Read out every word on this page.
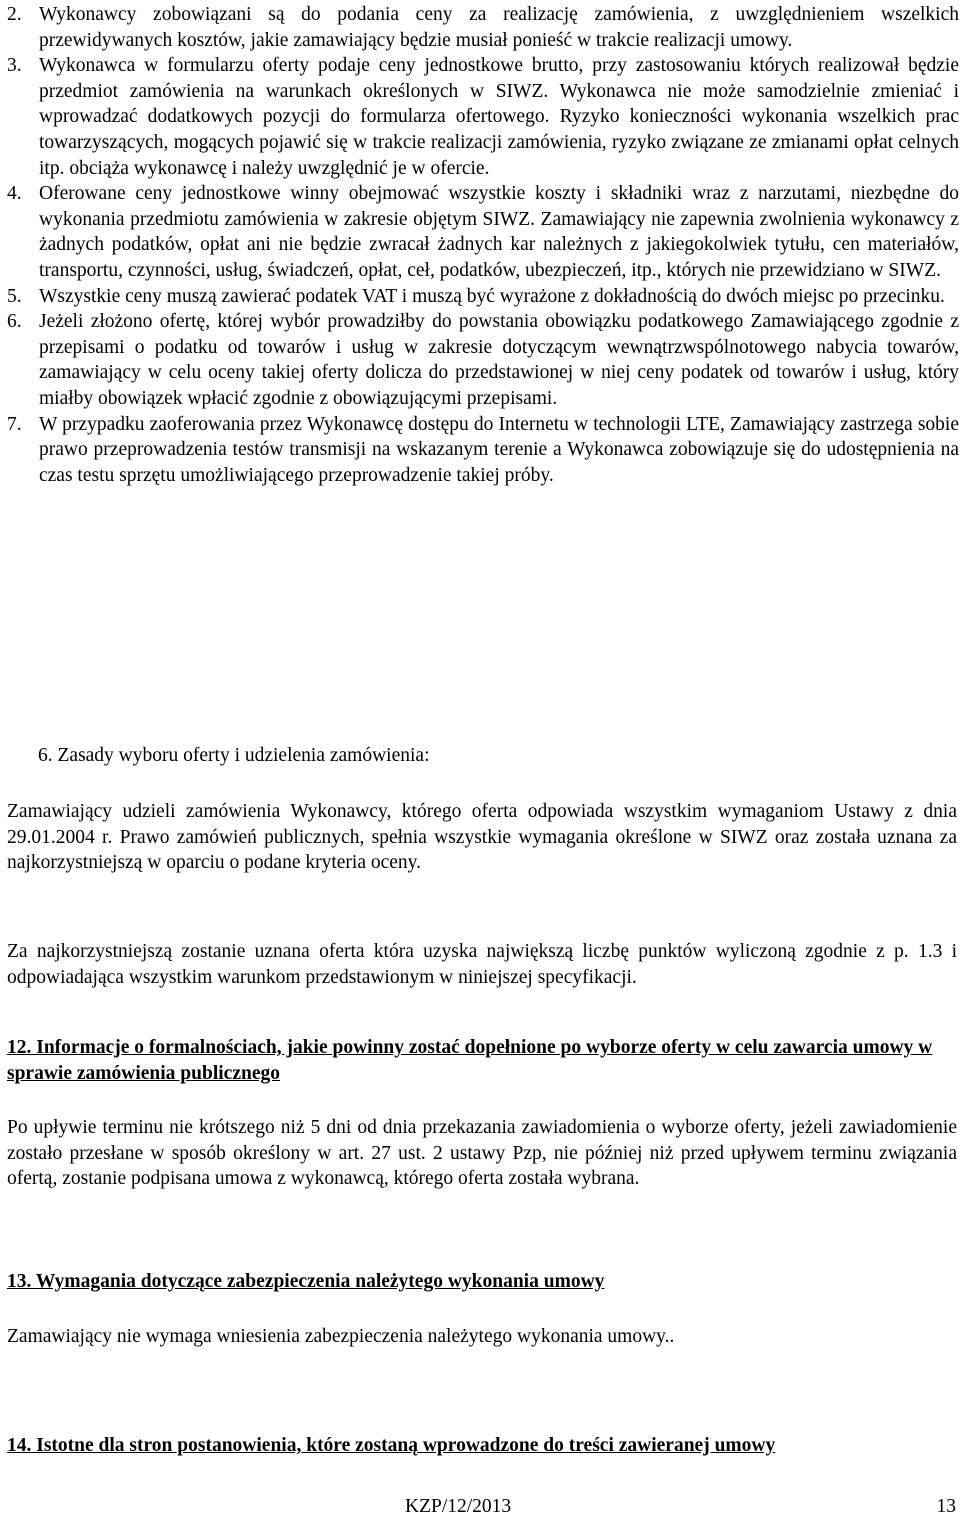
2. Wykonawcy zobowiązani są do podania ceny za realizację zamówienia, z uwzględnieniem wszelkich przewidywanych kosztów, jakie zamawiający będzie musiał ponieść w trakcie realizacji umowy.
3. Wykonawca w formularzu oferty podaje ceny jednostkowe brutto, przy zastosowaniu których realizował będzie przedmiot zamówienia na warunkach określonych w SIWZ. Wykonawca nie może samodzielnie zmieniać i wprowadzać dodatkowych pozycji do formularza ofertowego. Ryzyko konieczności wykonania wszelkich prac towarzyszących, mogących pojawić się w trakcie realizacji zamówienia, ryzyko związane ze zmianami opłat celnych itp. obciąża wykonawcę i należy uwzględnić je w ofercie.
4. Oferowane ceny jednostkowe winny obejmować wszystkie koszty i składniki wraz z narzutami, niezbędne do wykonania przedmiotu zamówienia w zakresie objętym SIWZ. Zamawiający nie zapewnia zwolnienia wykonawcy z żadnych podatków, opłat ani nie będzie zwracał żadnych kar należnych z jakiegokolwiek tytułu, cen materiałów, transportu, czynności, usług, świadczeń, opłat, ceł, podatków, ubezpieczeń, itp., których nie przewidziano w SIWZ.
5. Wszystkie ceny muszą zawierać podatek VAT i muszą być wyrażone z dokładnością do dwóch miejsc po przecinku.
6. Jeżeli złożono ofertę, której wybór prowadziłby do powstania obowiązku podatkowego Zamawiającego zgodnie z przepisami o podatku od towarów i usług w zakresie dotyczącym wewnątrzwspólnotowego nabycia towarów, zamawiający w celu oceny takiej oferty dolicza do przedstawionej w niej ceny podatek od towarów i usług, który miałby obowiązek wpłacić zgodnie z obowiązującymi przepisami.
7. W przypadku zaoferowania przez Wykonawcę dostępu do Internetu w technologii LTE, Zamawiający zastrzega sobie prawo przeprowadzenia testów transmisji na wskazanym terenie a Wykonawca zobowiązuje się do udostępnienia na czas testu sprzętu umożliwiającego przeprowadzenie takiej próby.
6. Zasady wyboru oferty i udzielenia zamówienia:
Zamawiający udzieli zamówienia Wykonawcy, którego oferta odpowiada wszystkim wymaganiom Ustawy z dnia 29.01.2004 r. Prawo zamówień publicznych, spełnia wszystkie wymagania określone w SIWZ oraz została uznana za najkorzystniejszą w oparciu o podane kryteria oceny.
Za najkorzystniejszą zostanie uznana oferta która uzyska największą liczbę punktów wyliczoną zgodnie z p. 1.3 i odpowiadająca wszystkim warunkom przedstawionym w niniejszej specyfikacji.
12. Informacje o formalnościach, jakie powinny zostać dopełnione po wyborze oferty w celu zawarcia umowy w sprawie zamówienia publicznego
Po upływie terminu nie krótszego niż 5 dni od dnia przekazania zawiadomienia o wyborze oferty, jeżeli zawiadomienie zostało przesłane w sposób określony w art. 27 ust. 2 ustawy Pzp, nie później niż przed upływem terminu związania ofertą, zostanie podpisana umowa z wykonawcą, którego oferta została wybrana.
13. Wymagania dotyczące zabezpieczenia należytego wykonania umowy
Zamawiający nie wymaga wniesienia zabezpieczenia należytego wykonania umowy..
14. Istotne dla stron postanowienia, które zostaną wprowadzone do treści zawieranej umowy
KZP/12/2013	13
